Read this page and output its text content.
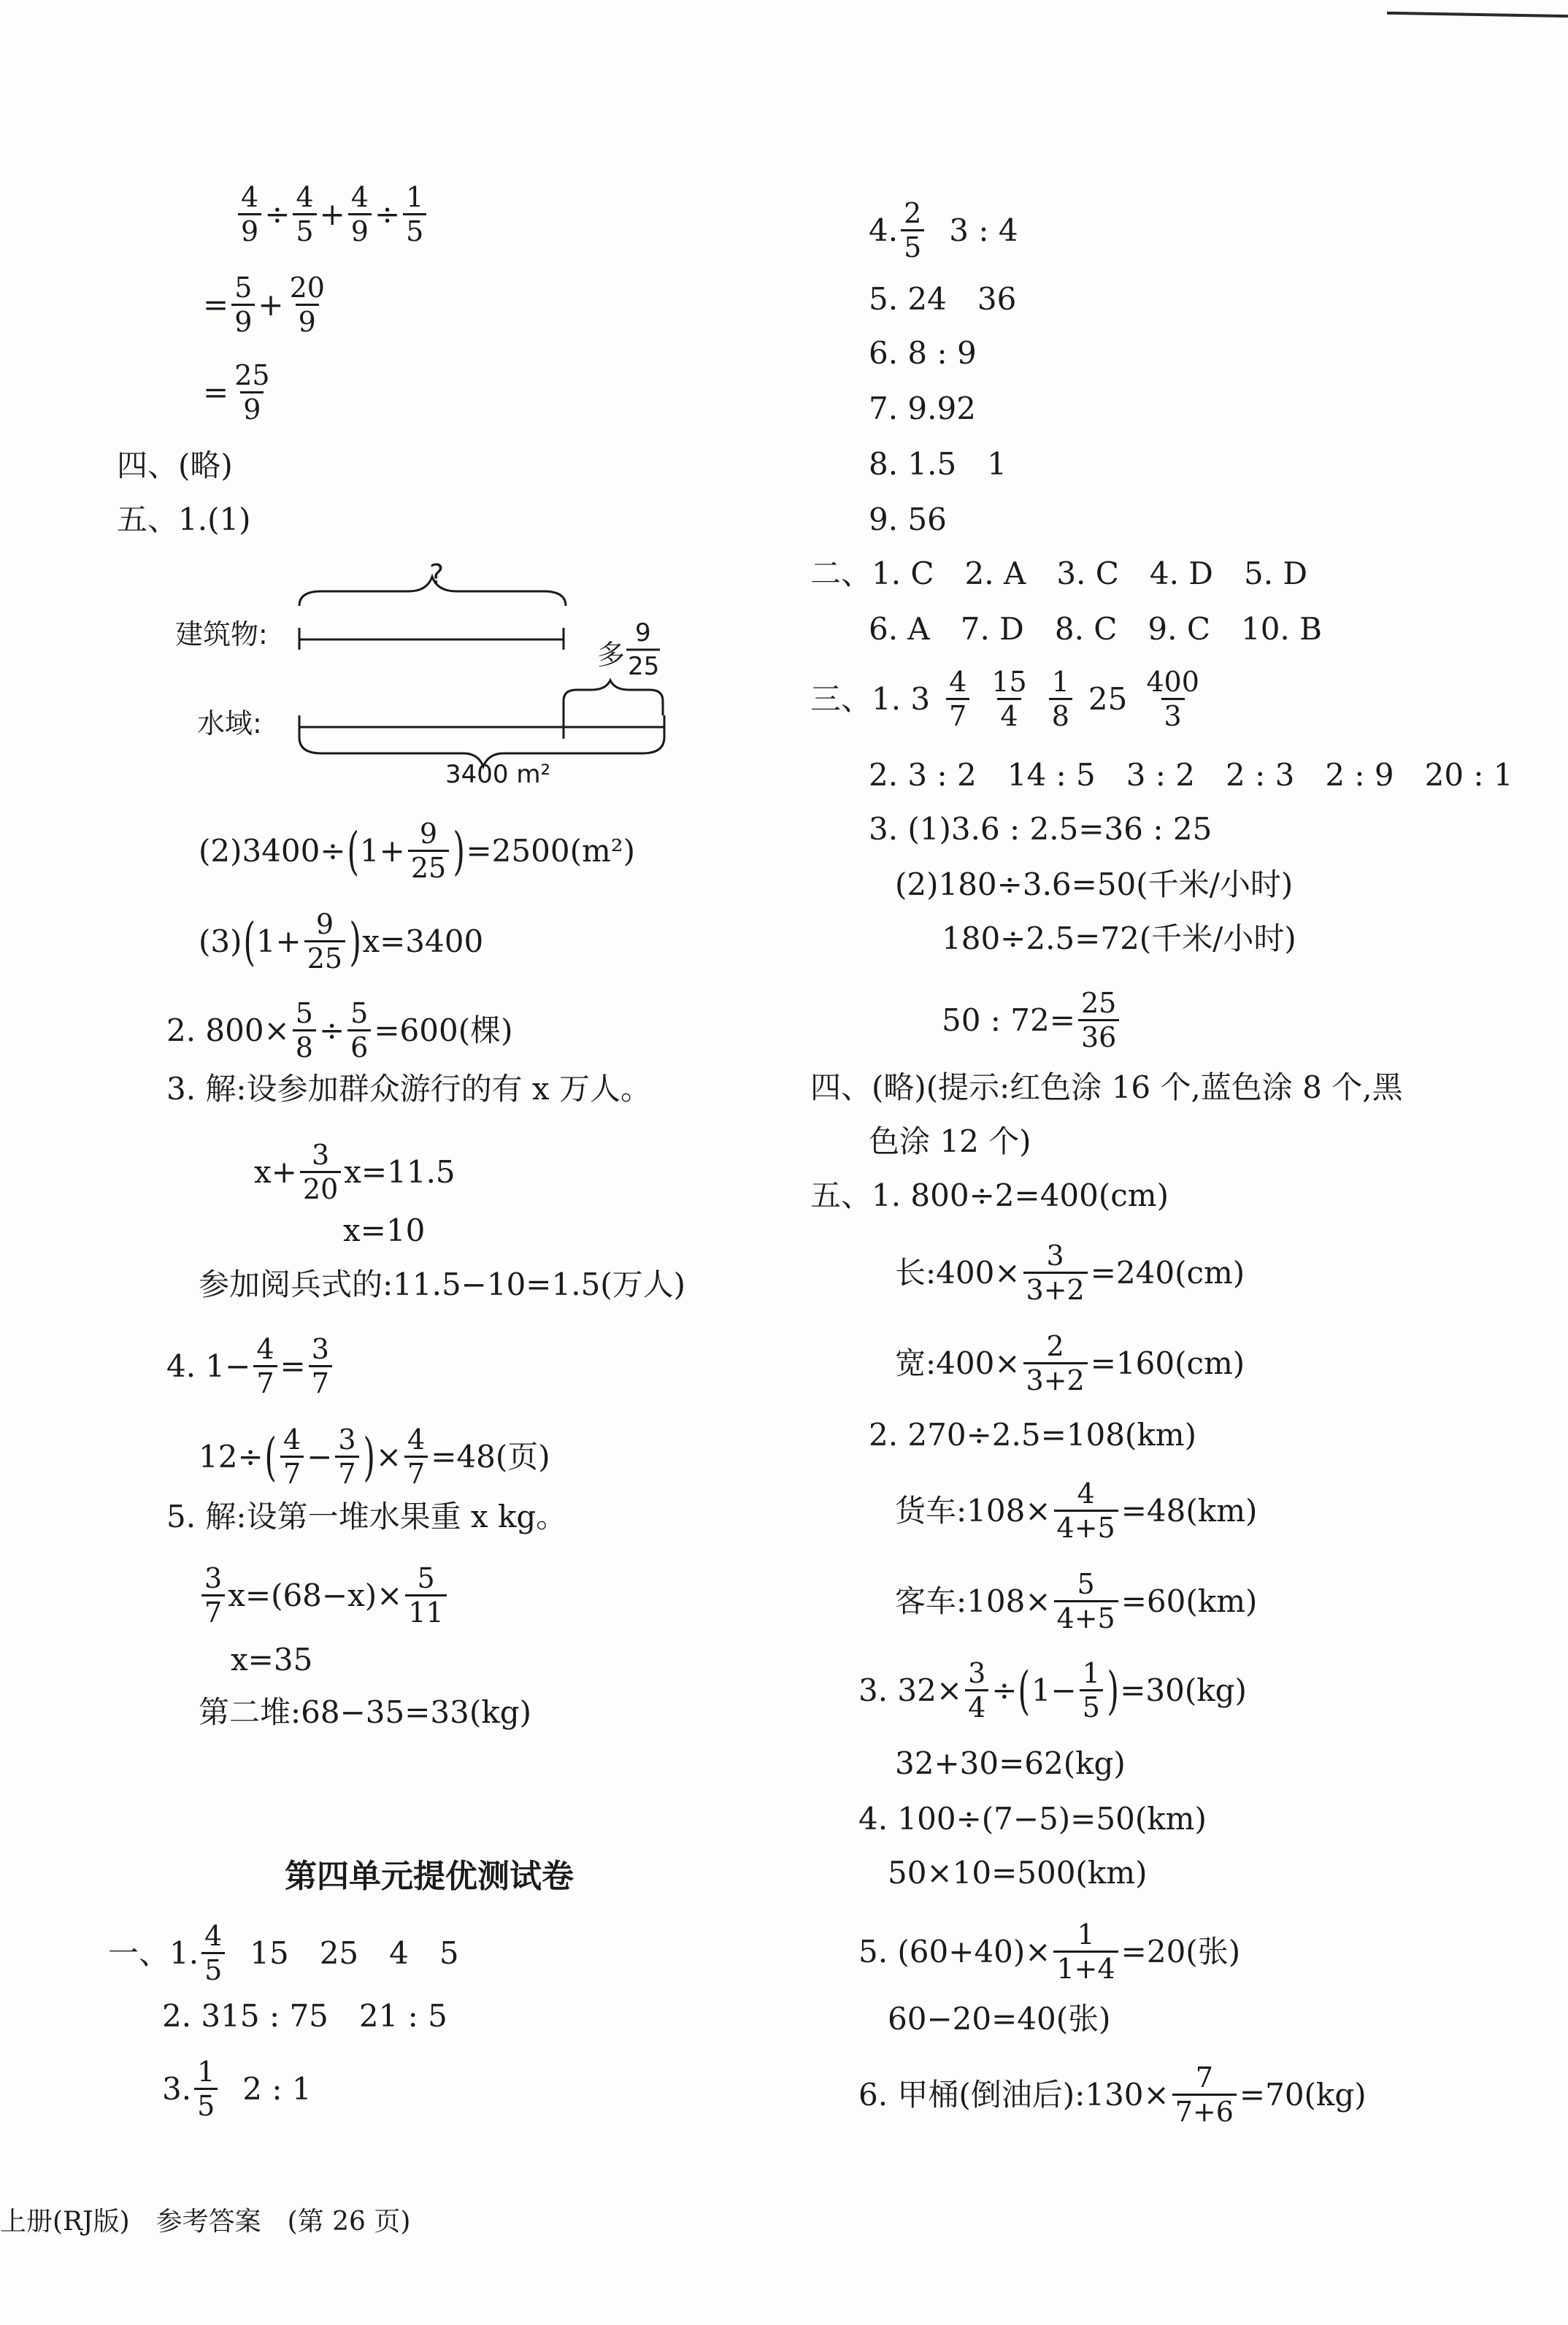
$\frac{4}{9} \div \frac{4}{5} + \frac{4}{9} \div \frac{1}{5}$
= $\frac{5}{9} + \frac{20}{9}$
= $\frac{25}{9}$
四、(略)
五、1.(1)
?
建筑物:
多
9
25
水域:
3400 m²
(2)3400÷ ( $1+ \frac{9}{25}$ ) =2500(m²)
(3) ( $1+ \frac{9}{25}$ ) x=3400
2. $800\times \frac{5}{8} \div \frac{5}{6} =600$(棵)
3. 解:设参加群众游行的有 x 万人。
$x+ \frac{3}{20} x=11.5$
x=10
参加阅兵式的:11.5−10=1.5(万人)
4. $1- \frac{4}{7} = \frac{3}{7}$
12÷ ( $\frac{4}{7} - \frac{3}{7}$ ) × $\frac{4}{7} =48$(页)
5. 解:设第一堆水果重 x kg。
$\frac{3}{7} x=(68-x)\times \frac{5}{11}$
x=35
第二堆:68−35=33(kg)
第四单元提优测试卷
一、1. $\frac{4}{5} 15$　25　4　5
2. 315 : 75　21 : 5
3. $\frac{1}{5} 2$ : 1
4. $\frac{2}{5} 3$ : 4
5. 24　36
6. 8 : 9
7. 9.92
8. 1.5　1
9. 56
二、1. C　2. A　3. C　4. D　5. D
6. A　7. D　8. C　9. C　10. B
三、1. $3 \frac{4}{7} \frac{15}{4} \frac{1}{8} 25 \frac{400}{3}$
2. 3 : 2　14 : 5　3 : 2　2 : 3　2 : 9　20 : 1
3. (1)3.6 : 2.5=36 : 25
(2)180÷3.6=50(千米/小时)
180÷2.5=72(千米/小时)
50 : $72= \frac{25}{36}$
四、(略)(提示:红色涂 16 个,蓝色涂 8 个,黑
色涂 12 个)
五、1. 800÷2=400(cm)
长:400× $\frac{3}{3+2} =240(cm)$
宽:400× $\frac{2}{3+2} =160(cm)$
2. 270÷2.5=108(km)
货车:108× $\frac{4}{4+5} =48(km)$
客车:108× $\frac{5}{4+5} =60(km)$
3. $32\times \frac{3}{4}$ ÷ ( $1- \frac{1}{5}$ ) =30(kg)
32+30=62(kg)
4. 100÷(7−5)=50(km)
50×10=500(km)
5. $(60+40)\times \frac{1}{1+4} =20$(张)
60−20=40(张)
6. 甲桶(倒油后):130× $\frac{7}{7+6} =70(kg)$
上册(RJ版)　参考答案　(第 26 页)
